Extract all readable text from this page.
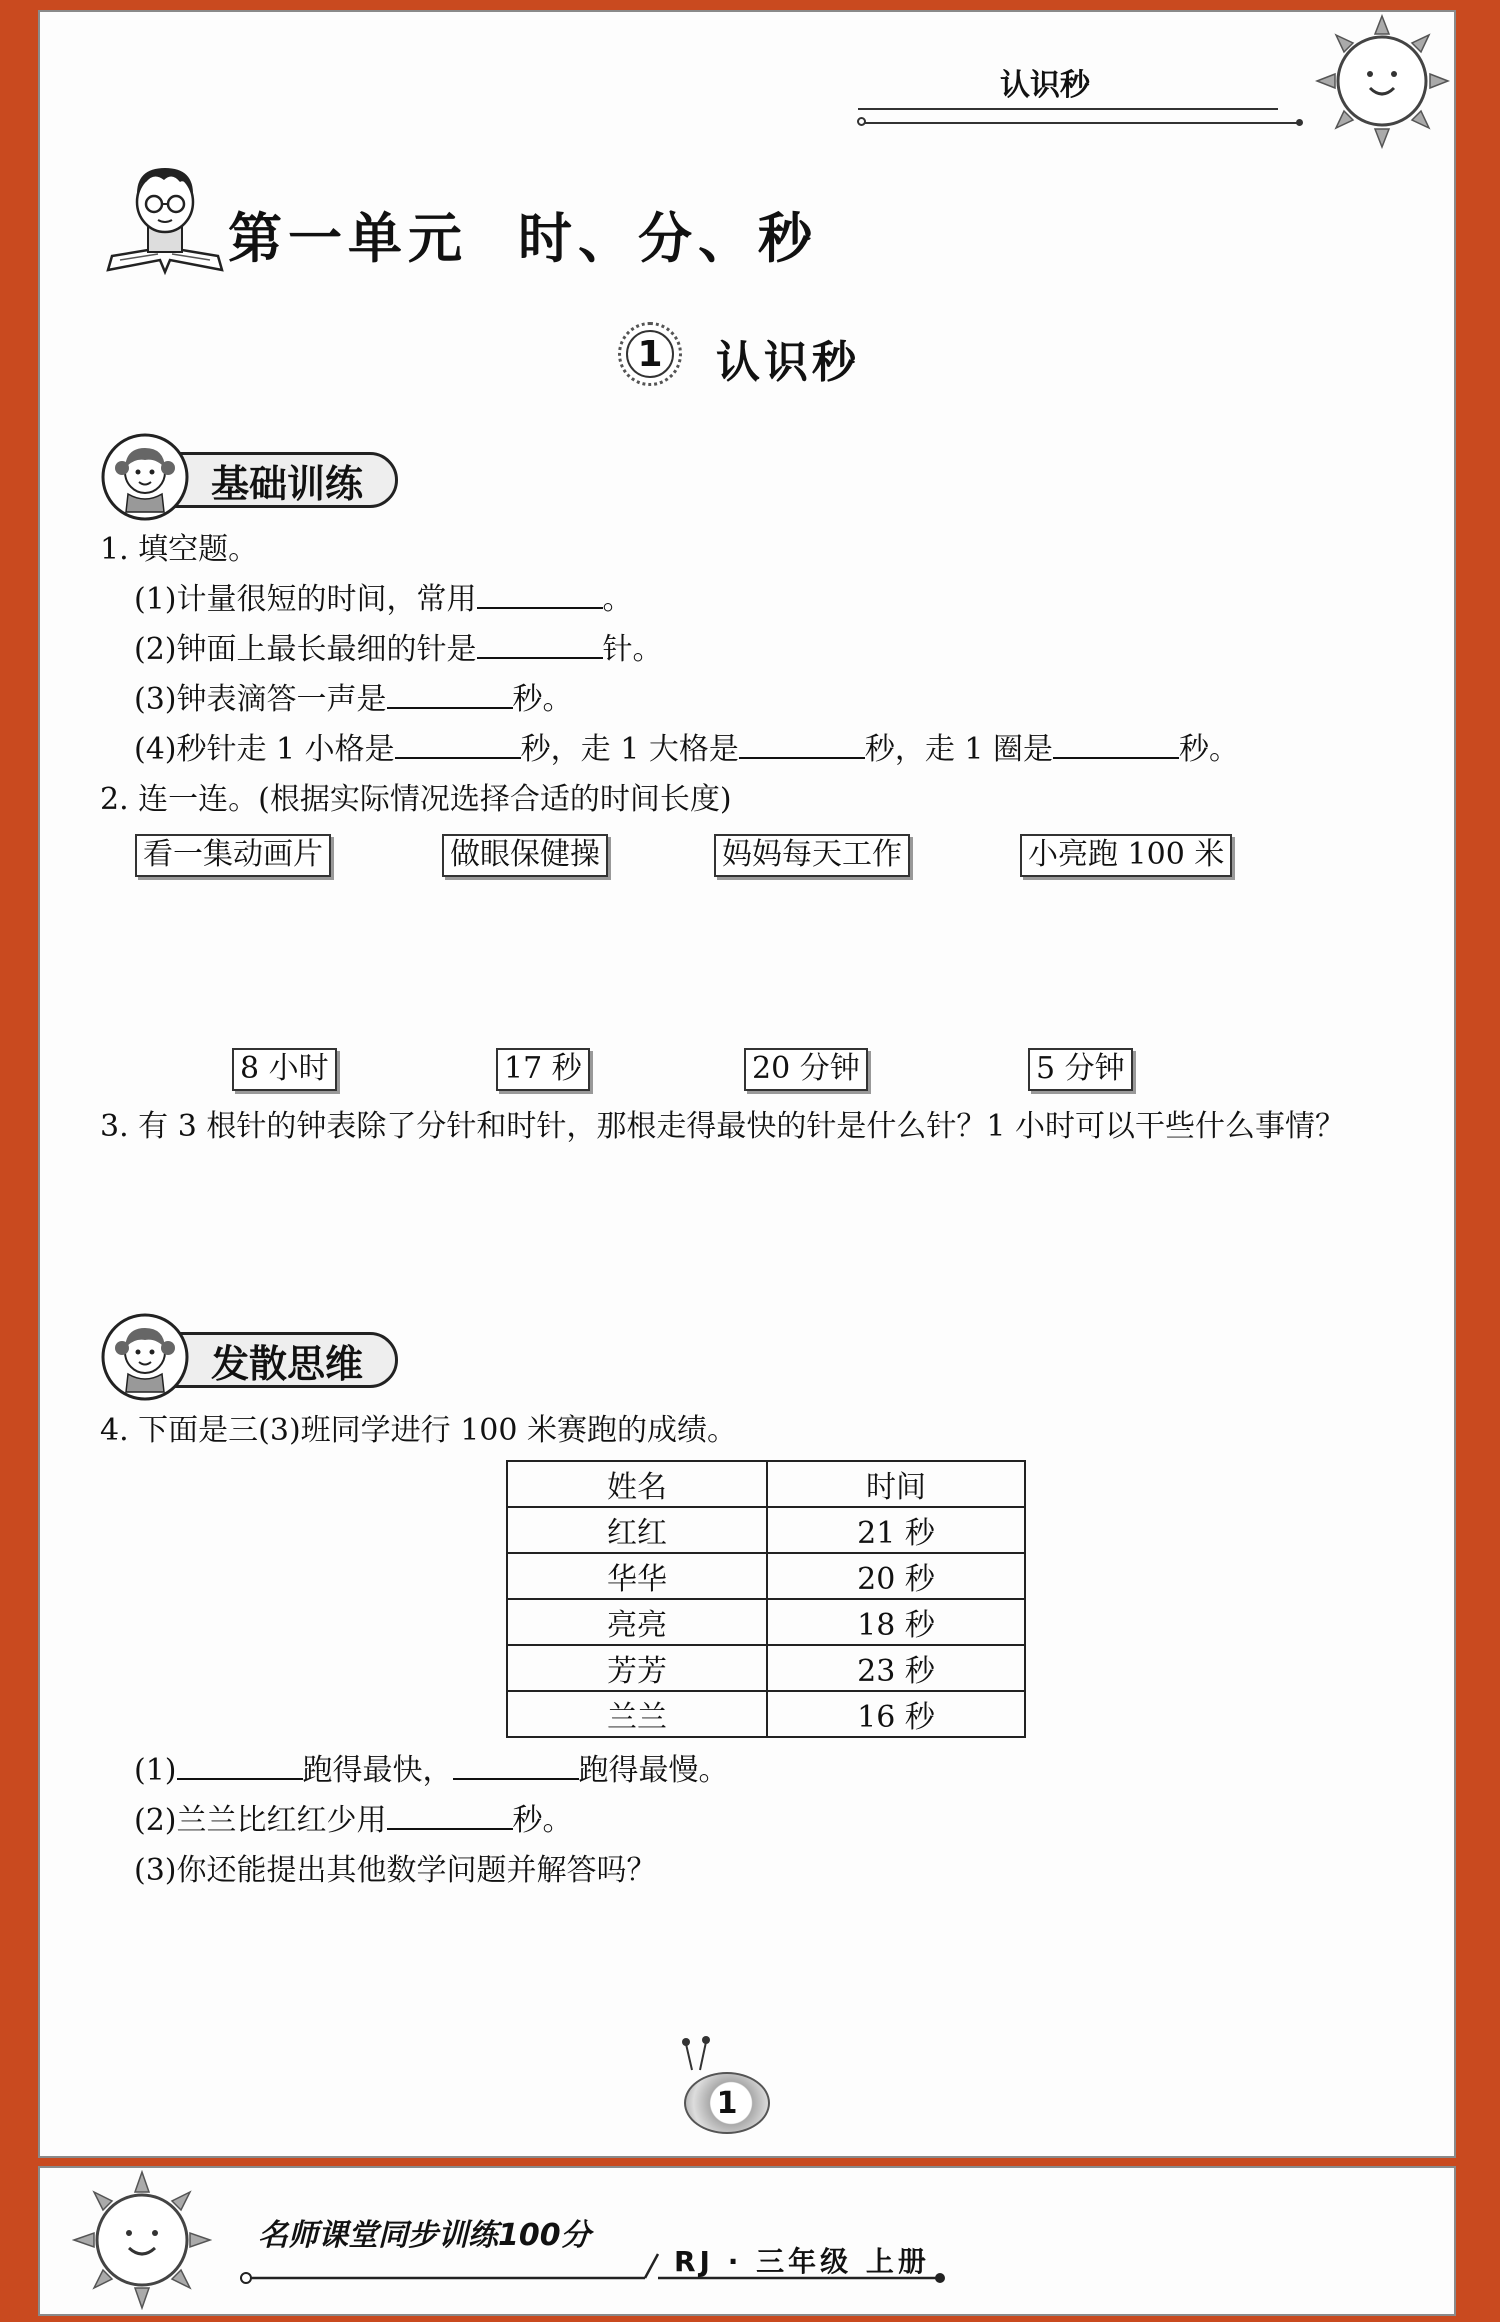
认识秒
第一单元 时、分、秒
1	认识秒
基础训练
1. 填空题。
(1)计量很短的时间，常用	。
(2)钟面上最长最细的针是	针。
(3)钟表滴答一声是	秒。
(4)秒针走 1 小格是	秒，走 1 大格是	秒，走 1 圈是	秒。
2. 连一连。(根据实际情况选择合适的时间长度)
看一集动画片	做眼保健操	妈妈每天工作	小亮跑 100 米
8 小时	17 秒	20 分钟	5 分钟
3. 有 3 根针的钟表除了分针和时针，那根走得最快的针是什么针？1 小时可以干些什么事情？
发散思维
4. 下面是三(3)班同学进行 100 米赛跑的成绩。
姓名	时间
红红	21 秒
华华	20 秒
亮亮	18 秒
芳芳	23 秒
兰兰	16 秒
(1)	跑得最快，	跑得最慢。
(2)兰兰比红红少用	秒。
(3)你还能提出其他数学问题并解答吗？
1
名师课堂同步训练100分
RJ · 三年级 上册
